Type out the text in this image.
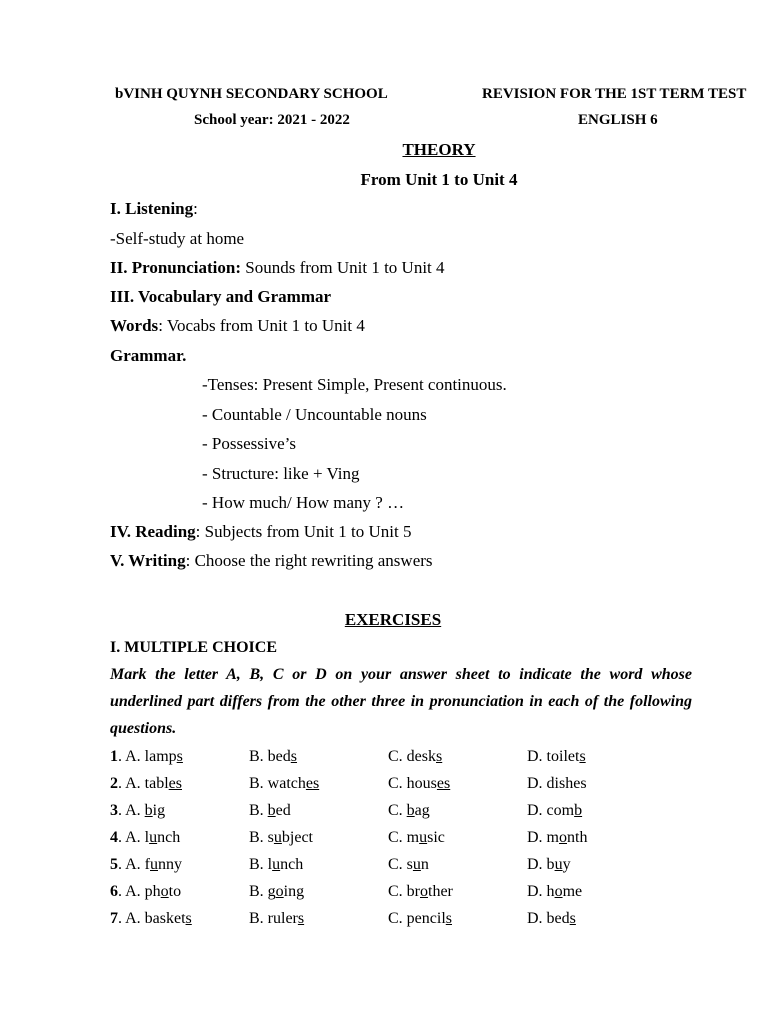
bVINH QUYNH SECONDARY SCHOOL	REVISION FOR THE 1ST TERM TEST
School year: 2021 - 2022	ENGLISH 6
THEORY
From Unit 1 to Unit 4
I. Listening:
-Self-study at home
II. Pronunciation: Sounds from Unit 1 to Unit 4
III. Vocabulary and Grammar
Words: Vocabs from Unit 1 to Unit 4
Grammar.
-Tenses: Present Simple, Present continuous.
- Countable / Uncountable nouns
- Possessive’s
- Structure: like + Ving
- How much/ How many ? …
IV. Reading: Subjects from Unit 1 to Unit 5
V. Writing: Choose the right rewriting answers
EXERCISES
I. MULTIPLE CHOICE
Mark the letter A, B, C or D on your answer sheet to indicate the word whose underlined part differs from the other three in pronunciation in each of the following questions.
1. A. lamps	B. beds	C. desks	D. toilets
2. A. tables	B. watches	C. houses	D. dishes
3. A. big	B. bed	C. bag	D. comb
4. A. lunch	B. subject	C. music	D. month
5. A. funny	B. lunch	C. sun	D. buy
6. A. photo	B. going	C. brother	D. home
7. A. baskets	B. rulers	C. pencils	D. beds
